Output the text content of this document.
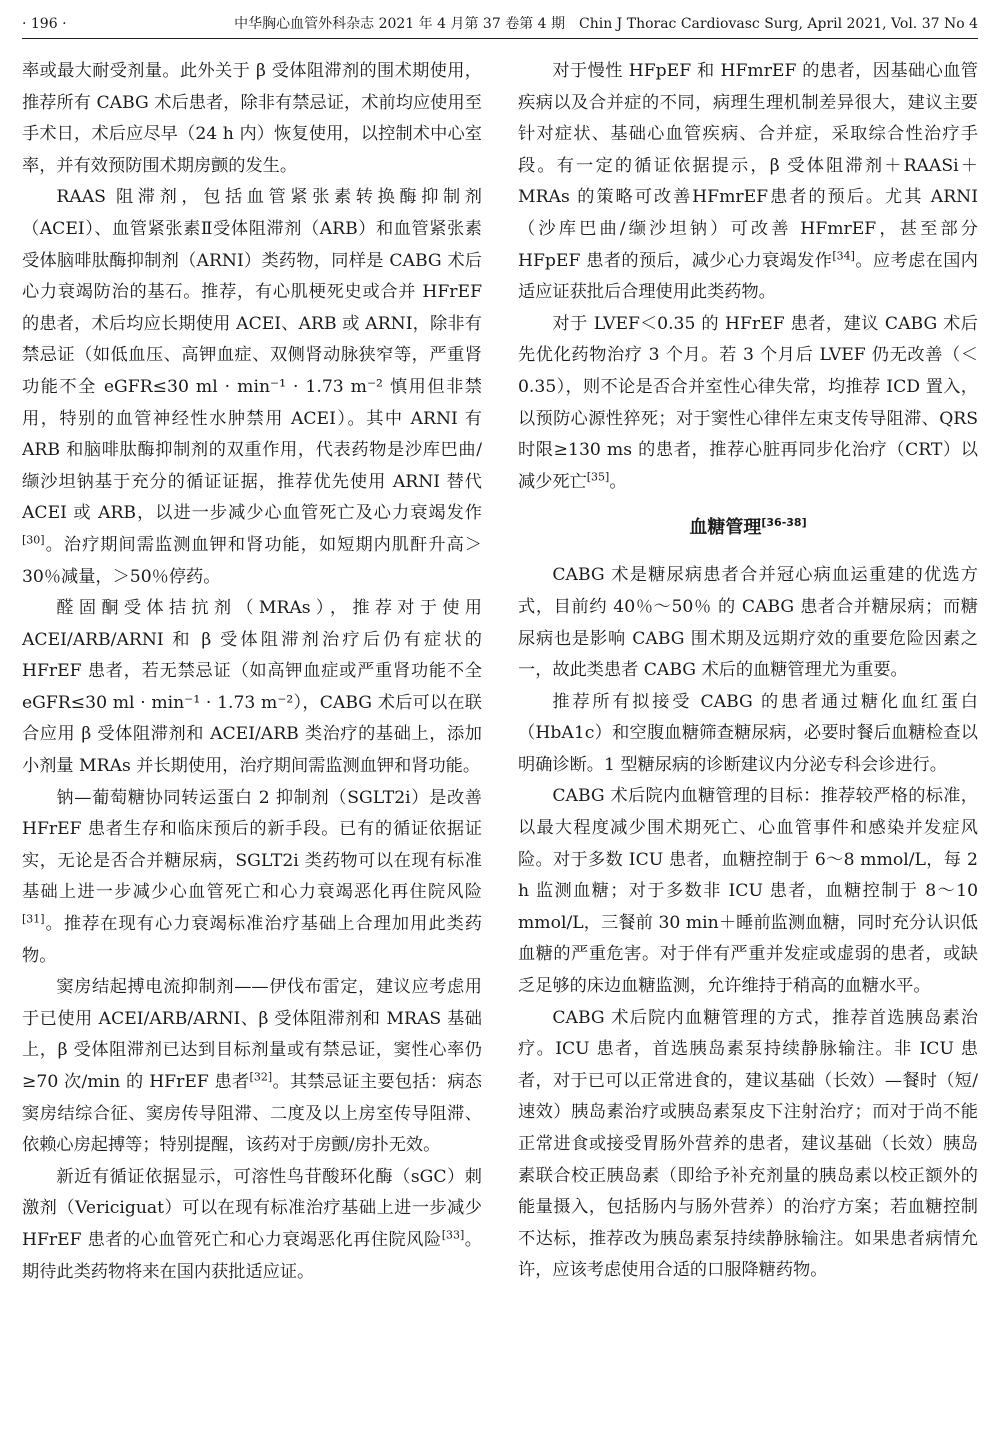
· 196 ·	中华胸心血管外科杂志 2021 年 4 月第 37 卷第 4 期　Chin J Thorac Cardiovasc Surg, April 2021, Vol. 37 No 4

率或最大耐受剂量。此外关于 β 受体阻滞剂的围术期使用，推荐所有 CABG 术后患者，除非有禁忌证，术前均应使用至手术日，术后应尽早（24 h 内）恢复使用，以控制术中心室率，并有效预防围术期房颤的发生。

RAAS 阻滞剂，包括血管紧张素转换酶抑制剂（ACEI）、血管紧张素Ⅱ受体阻滞剂（ARB）和血管紧张素受体脑啡肽酶抑制剂（ARNI）类药物，同样是 CABG 术后心力衰竭防治的基石。推荐，有心肌梗死史或合并 HFrEF 的患者，术后均应长期使用 ACEI、ARB 或 ARNI，除非有禁忌证（如低血压、高钾血症、双侧肾动脉狭窄等，严重肾功能不全 eGFR≤30 ml · min⁻¹ · 1.73 m⁻² 慎用但非禁用，特别的血管神经性水肿禁用 ACEI）。其中 ARNI 有 ARB 和脑啡肽酶抑制剂的双重作用，代表药物是沙库巴曲/缬沙坦钠基于充分的循证证据，推荐优先使用 ARNI 替代 ACEI 或 ARB，以进一步减少心血管死亡及心力衰竭发作[30]。治疗期间需监测血钾和肾功能，如短期内肌酐升高＞30％减量，＞50％停药。

醛固酮受体拮抗剂（MRAs），推荐对于使用 ACEI/ARB/ARNI 和 β 受体阻滞剂治疗后仍有症状的 HFrEF 患者，若无禁忌证（如高钾血症或严重肾功能不全 eGFR≤30 ml · min⁻¹ · 1.73 m⁻²），CABG 术后可以在联合应用 β 受体阻滞剂和 ACEI/ARB 类治疗的基础上，添加小剂量 MRAs 并长期使用，治疗期间需监测血钾和肾功能。

钠—葡萄糖协同转运蛋白 2 抑制剂（SGLT2i）是改善 HFrEF 患者生存和临床预后的新手段。已有的循证依据证实，无论是否合并糖尿病，SGLT2i 类药物可以在现有标准基础上进一步减少心血管死亡和心力衰竭恶化再住院风险[31]。推荐在现有心力衰竭标准治疗基础上合理加用此类药物。

窦房结起搏电流抑制剂——伊伐布雷定，建议应考虑用于已使用 ACEI/ARB/ARNI、β 受体阻滞剂和 MRAS 基础上，β 受体阻滞剂已达到目标剂量或有禁忌证，窦性心率仍≥70 次/min 的 HFrEF 患者[32]。其禁忌证主要包括：病态窦房结综合征、窦房传导阻滞、二度及以上房室传导阻滞、依赖心房起搏等；特别提醒，该药对于房颤/房扑无效。

新近有循证依据显示，可溶性鸟苷酸环化酶（sGC）刺激剂（Vericiguat）可以在现有标准治疗基础上进一步减少 HFrEF 患者的心血管死亡和心力衰竭恶化再住院风险[33]。期待此类药物将来在国内获批适应证。

对于慢性 HFpEF 和 HFmrEF 的患者，因基础心血管疾病以及合并症的不同，病理生理机制差异很大，建议主要针对症状、基础心血管疾病、合并症，采取综合性治疗手段。有一定的循证依据提示，β 受体阻滞剂＋RAASi＋MRAs 的策略可改善HFmrEF患者的预后。尤其 ARNI（沙库巴曲/缬沙坦钠）可改善 HFmrEF，甚至部分 HFpEF 患者的预后，减少心力衰竭发作[34]。应考虑在国内适应证获批后合理使用此类药物。

对于 LVEF＜0.35 的 HFrEF 患者，建议 CABG 术后先优化药物治疗 3 个月。若 3 个月后 LVEF 仍无改善（＜0.35），则不论是否合并室性心律失常，均推荐 ICD 置入，以预防心源性猝死；对于窦性心律伴左束支传导阻滞、QRS 时限≥130 ms 的患者，推荐心脏再同步化治疗（CRT）以减少死亡[35]。

血糖管理[36-38]

CABG 术是糖尿病患者合并冠心病血运重建的优选方式，目前约 40％～50％ 的 CABG 患者合并糖尿病；而糖尿病也是影响 CABG 围术期及远期疗效的重要危险因素之一，故此类患者 CABG 术后的血糖管理尤为重要。

推荐所有拟接受 CABG 的患者通过糖化血红蛋白（HbA1c）和空腹血糖筛查糖尿病，必要时餐后血糖检查以明确诊断。1 型糖尿病的诊断建议内分泌专科会诊进行。

CABG 术后院内血糖管理的目标：推荐较严格的标准，以最大程度减少围术期死亡、心血管事件和感染并发症风险。对于多数 ICU 患者，血糖控制于 6～8 mmol/L，每 2 h 监测血糖；对于多数非 ICU 患者，血糖控制于 8～10 mmol/L，三餐前 30 min＋睡前监测血糖，同时充分认识低血糖的严重危害。对于伴有严重并发症或虚弱的患者，或缺乏足够的床边血糖监测，允许维持于稍高的血糖水平。

CABG 术后院内血糖管理的方式，推荐首选胰岛素治疗。ICU 患者，首选胰岛素泵持续静脉输注。非 ICU 患者，对于已可以正常进食的，建议基础（长效）—餐时（短/速效）胰岛素治疗或胰岛素泵皮下注射治疗；而对于尚不能正常进食或接受胃肠外营养的患者，建议基础（长效）胰岛素联合校正胰岛素（即给予补充剂量的胰岛素以校正额外的能量摄入，包括肠内与肠外营养）的治疗方案；若血糖控制不达标，推荐改为胰岛素泵持续静脉输注。如果患者病情允许，应该考虑使用合适的口服降糖药物。
